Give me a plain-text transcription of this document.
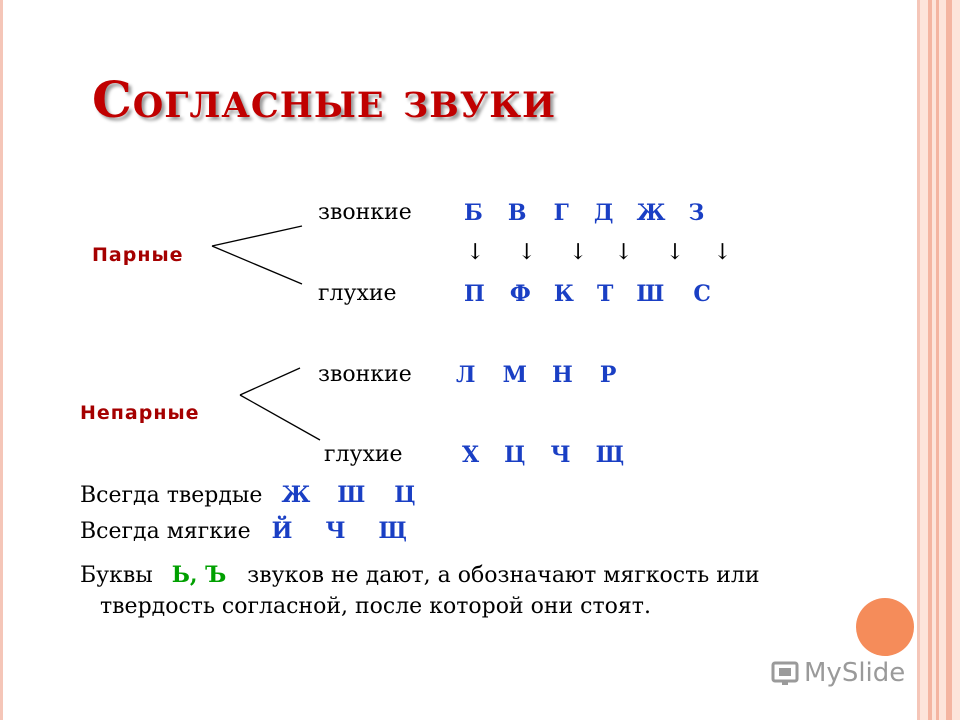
Согласные звуки
звонкие Б В Г Д Ж З
Парные	↓ ↓ ↓ ↓ ↓ ↓
глухие	П Ф К Т Ш С
звонкие Л М Н Р
Непарные
глухие	Х Ц Ч Щ
Всегда твердые Ж Ш Ц
Всегда мягкие Й Ч Щ
Буквы Ь, Ъ звуков не дают, а обозначают мягкость или
твердость согласной, после которой они стоят.
MySlide
